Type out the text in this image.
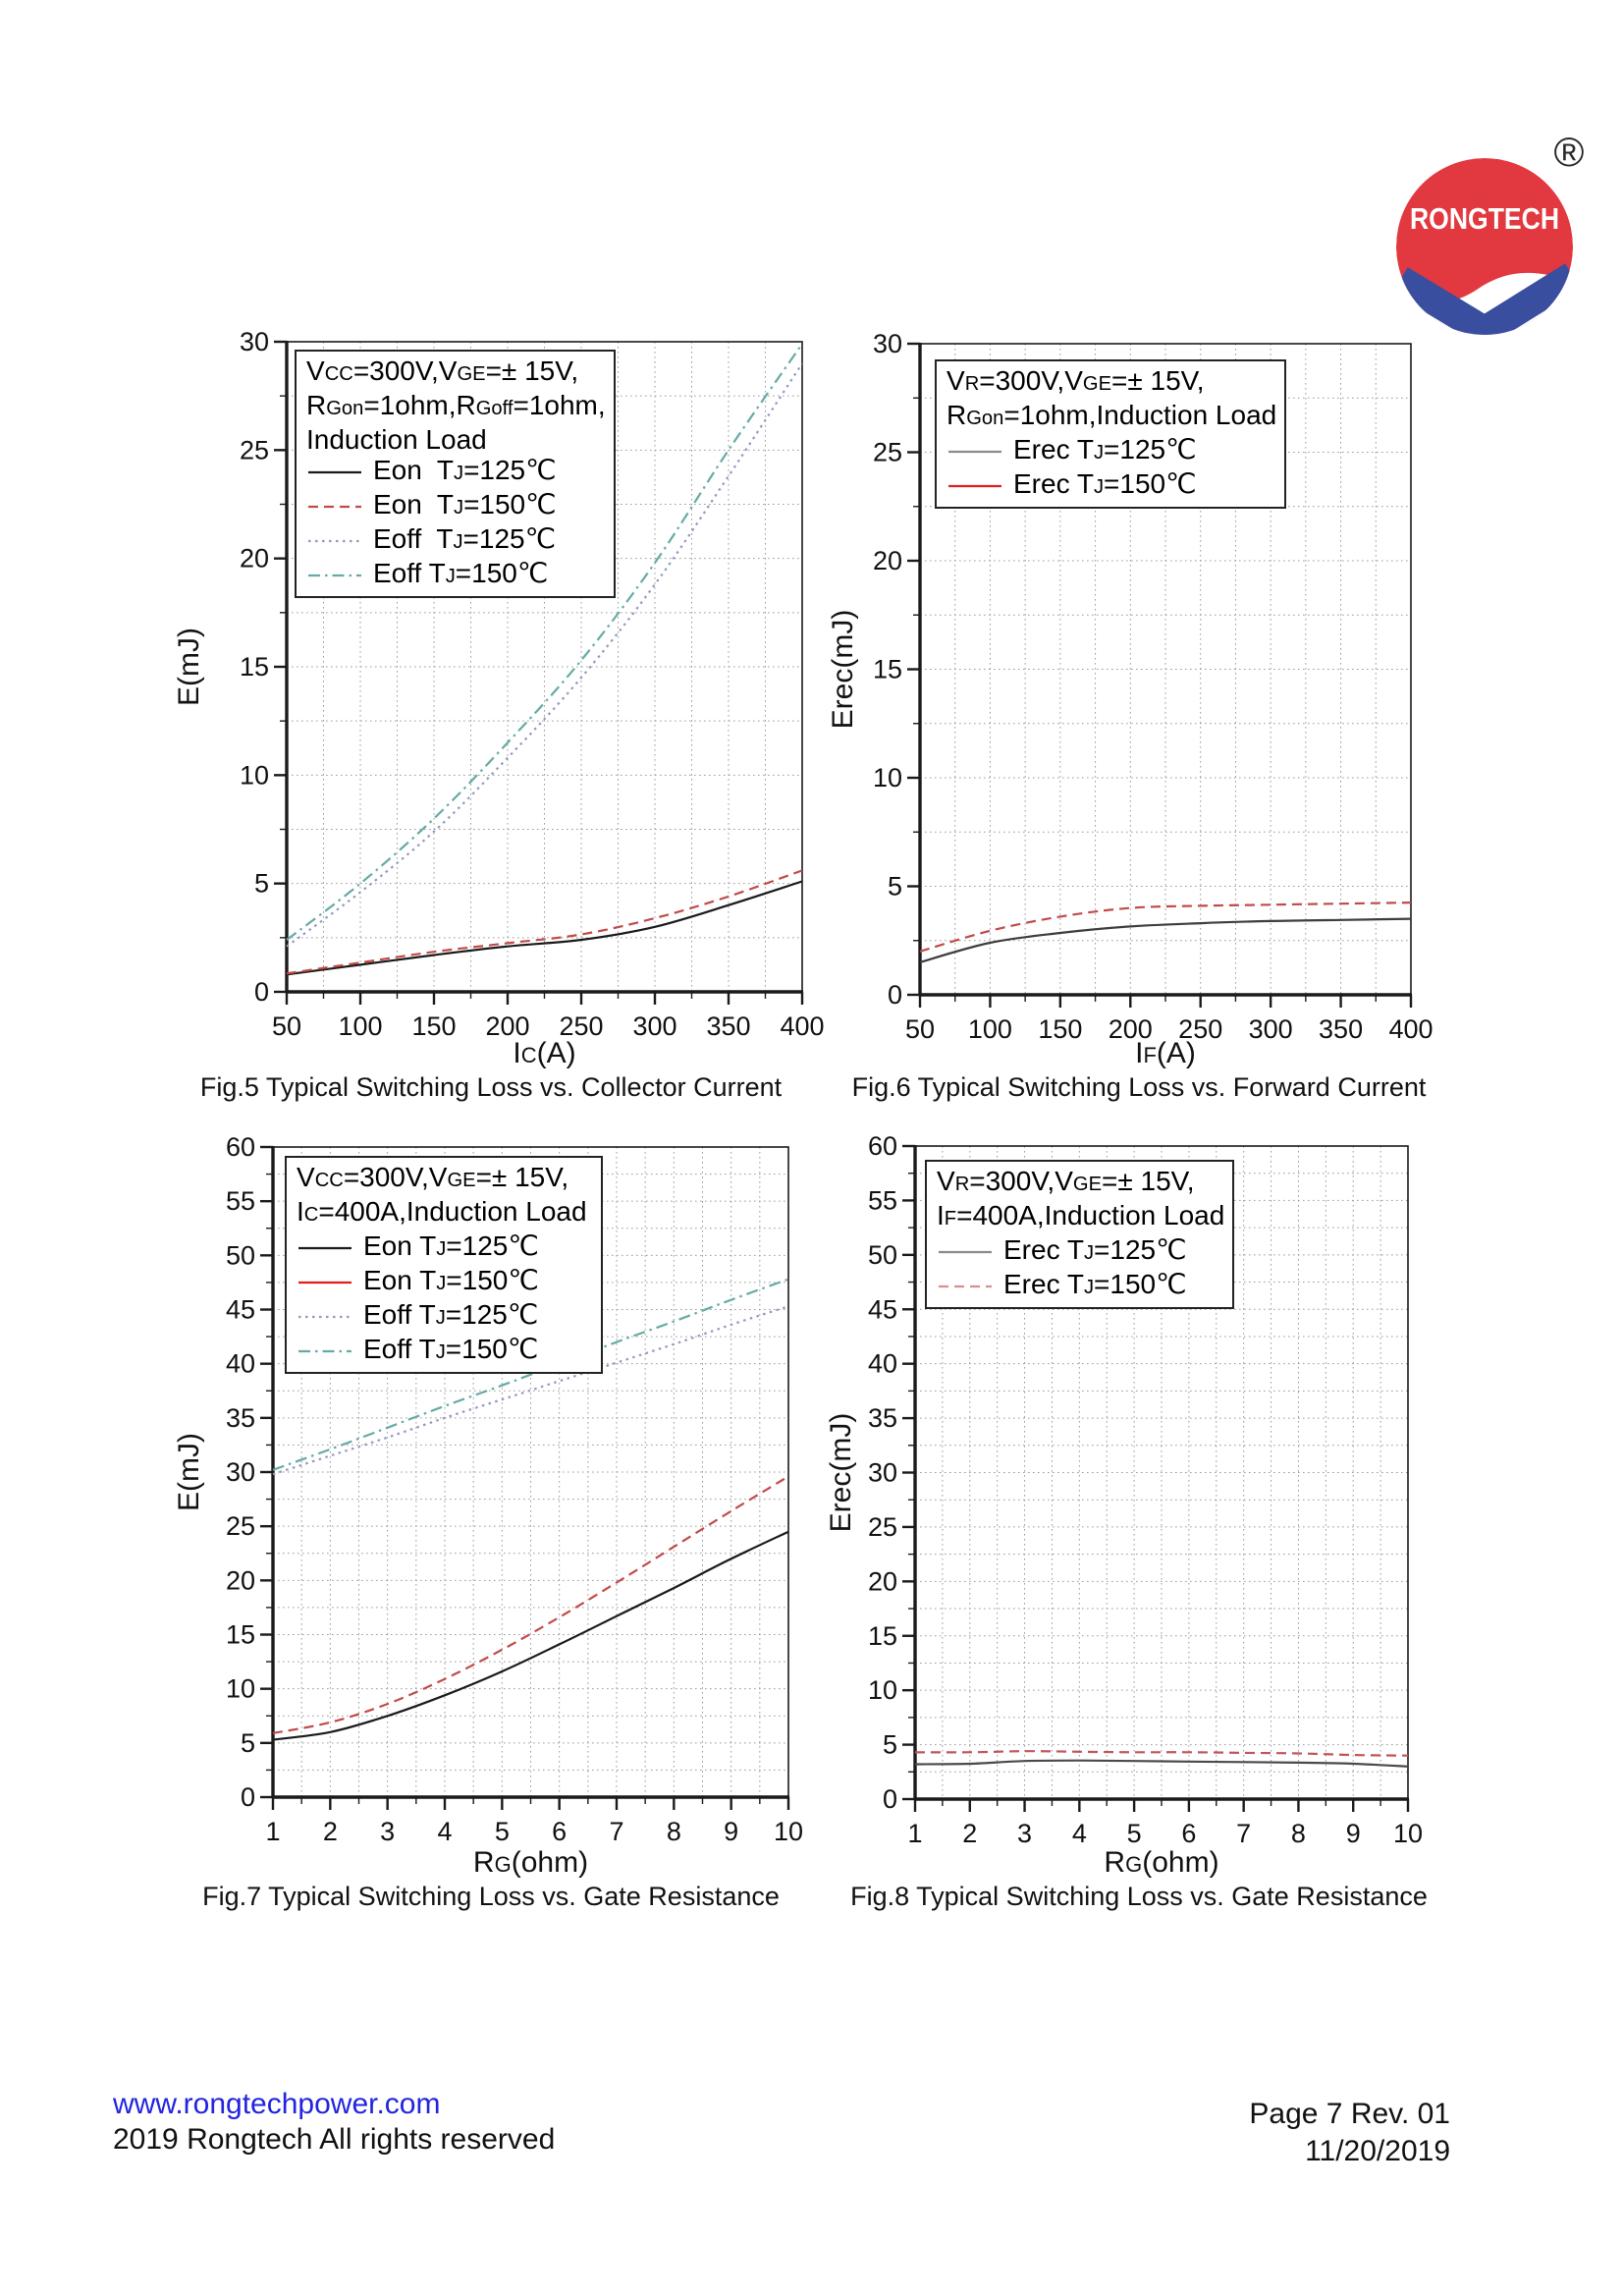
®
RONGTECH
50 100 150 200 250 300 350 400
0
5
10
15
20
25
30
IC(A)
E(mJ)
50 100 150 200 250 300 350 400
0
5
10
15
20
25
30
IF(A)
Erec(mJ)
1 2 3 4 5 6 7 8 9 10
0
5
10
15
20
25
30
35
40
45
50
55
60
RG(ohm)
E(mJ)
1 2 3 4 5 6 7 8 9 10
0
5
10
15
20
25
30
35
40
45
50
55
60
RG(ohm)
Erec(mJ)
VCC=300V,VGE=± 15V,
RGon=1ohm,RGoff=1ohm,
Induction Load
Eon  TJ=125℃
Eon  TJ=150℃
Eoff  TJ=125℃
Eoff TJ=150℃
VR=300V,VGE=± 15V,
RGon=1ohm,Induction Load
Erec TJ=125℃
Erec TJ=150℃
VCC=300V,VGE=± 15V,
IC=400A,Induction Load
Eon TJ=125℃
Eon TJ=150℃
Eoff TJ=125℃
Eoff TJ=150℃
VR=300V,VGE=± 15V,
IF=400A,Induction Load
Erec TJ=125℃
Erec TJ=150℃
Fig.5 Typical Switching Loss vs. Collector Current	Fig.6 Typical Switching Loss vs. Forward Current
Fig.7 Typical Switching Loss vs. Gate Resistance	Fig.8 Typical Switching Loss vs. Gate Resistance
www.rongtechpower.com
2019 Rongtech All rights reserved
Page 7 Rev. 01
11/20/2019
